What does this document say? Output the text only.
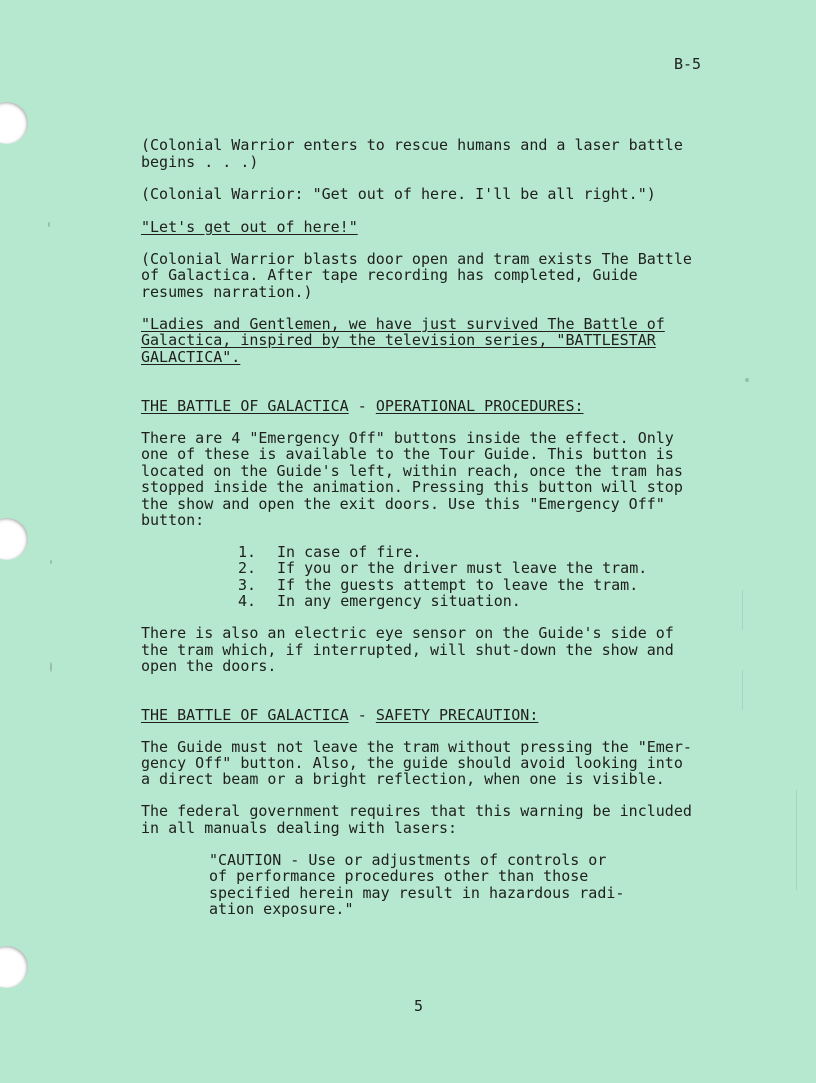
B-5
(Colonial Warrior enters to rescue humans and a laser battle
begins . . .)
(Colonial Warrior: "Get out of here. I'll be all right.")
"Let's get out of here!"
(Colonial Warrior blasts door open and tram exists The Battle
of Galactica. After tape recording has completed, Guide
resumes narration.)
"Ladies and Gentlemen, we have just survived The Battle of
Galactica, inspired by the television series, "BATTLESTAR
GALACTICA".
THE BATTLE OF GALACTICA - OPERATIONAL PROCEDURES:
There are 4 "Emergency Off" buttons inside the effect. Only
one of these is available to the Tour Guide. This button is
located on the Guide's left, within reach, once the tram has
stopped inside the animation. Pressing this button will stop
the show and open the exit doors. Use this "Emergency Off"
button:
1. In case of fire.
2. If you or the driver must leave the tram.
3. If the guests attempt to leave the tram.
4. In any emergency situation.
There is also an electric eye sensor on the Guide's side of
the tram which, if interrupted, will shut-down the show and
open the doors.
THE BATTLE OF GALACTICA - SAFETY PRECAUTION:
The Guide must not leave the tram without pressing the "Emer-
gency Off" button. Also, the guide should avoid looking into
a direct beam or a bright reflection, when one is visible.
The federal government requires that this warning be included
in all manuals dealing with lasers:
"CAUTION - Use or adjustments of controls or
of performance procedures other than those
specified herein may result in hazardous radi-
ation exposure."
5
